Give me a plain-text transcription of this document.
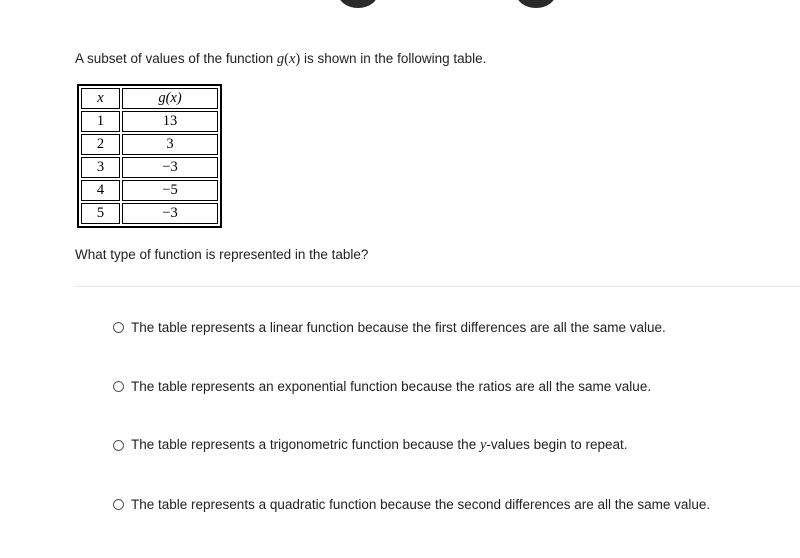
A subset of values of the function g(x) is shown in the following table.
x	g(x)
1	13
2	3
3	−3
4	−5
5	−3
What type of function is represented in the table?
The table represents a linear function because the first differences are all the same value.
The table represents an exponential function because the ratios are all the same value.
The table represents a trigonometric function because the y-values begin to repeat.
The table represents a quadratic function because the second differences are all the same value.
